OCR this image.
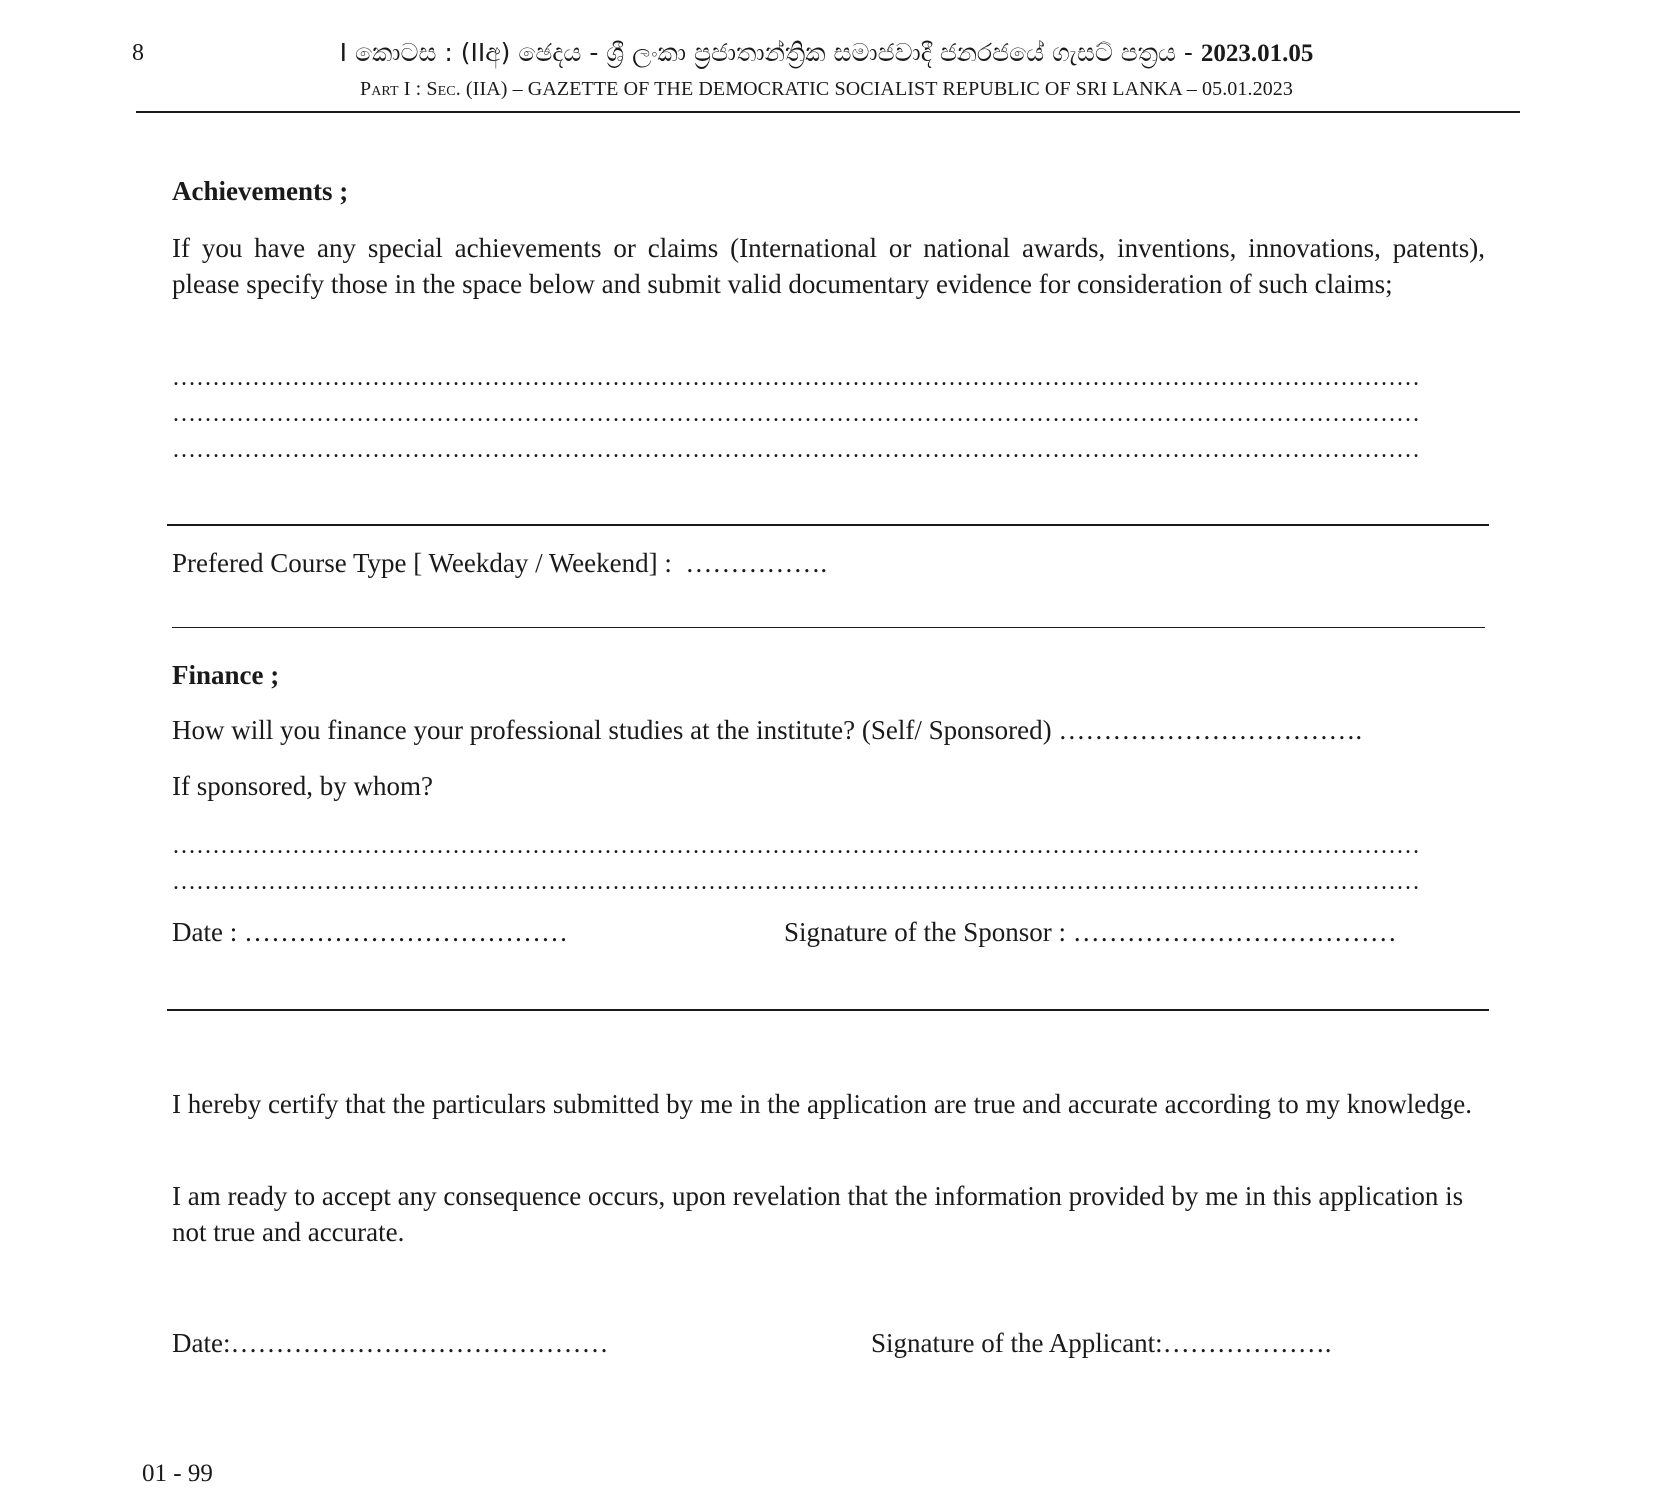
8	I කොටස : (IIඅ) ඡෙදය - ශ්‍රී ලංකා ප්‍රජාතාන්ත්‍රික සමාජවාදී ජනරජයේ ගැසට් පත්‍රය - 2023.01.05
Part I : Sec. (IIA) – GAZETTE OF THE DEMOCRATIC SOCIALIST REPUBLIC OF SRI LANKA – 05.01.2023
Achievements ;
If you have any special achievements or claims (International or national awards, inventions, innovations, patents), please specify those in the space below and submit valid documentary evidence for consideration of such claims;
…………………………………………………………………………………………………………………………………………
…………………………………………………………………………………………………………………………………………
…………………………………………………………………………………………………………………………………………
Prefered Course Type [ Weekday / Weekend] : …………….
Finance ;
How will you finance your professional studies at the institute? (Self/ Sponsored) …………………………….
If sponsored, by whom?
…………………………………………………………………………………………………………………………………………
…………………………………………………………………………………………………………………………………………
Date : ………………………………	Signature of the Sponsor : ………………………………
I hereby certify that the particulars submitted by me in the application are true and accurate according to my knowledge.
I am ready to accept any consequence occurs, upon revelation that the information provided by me in this application is not true and accurate.
Date:……………………………………	Signature of the Applicant:……………….
01 - 99
